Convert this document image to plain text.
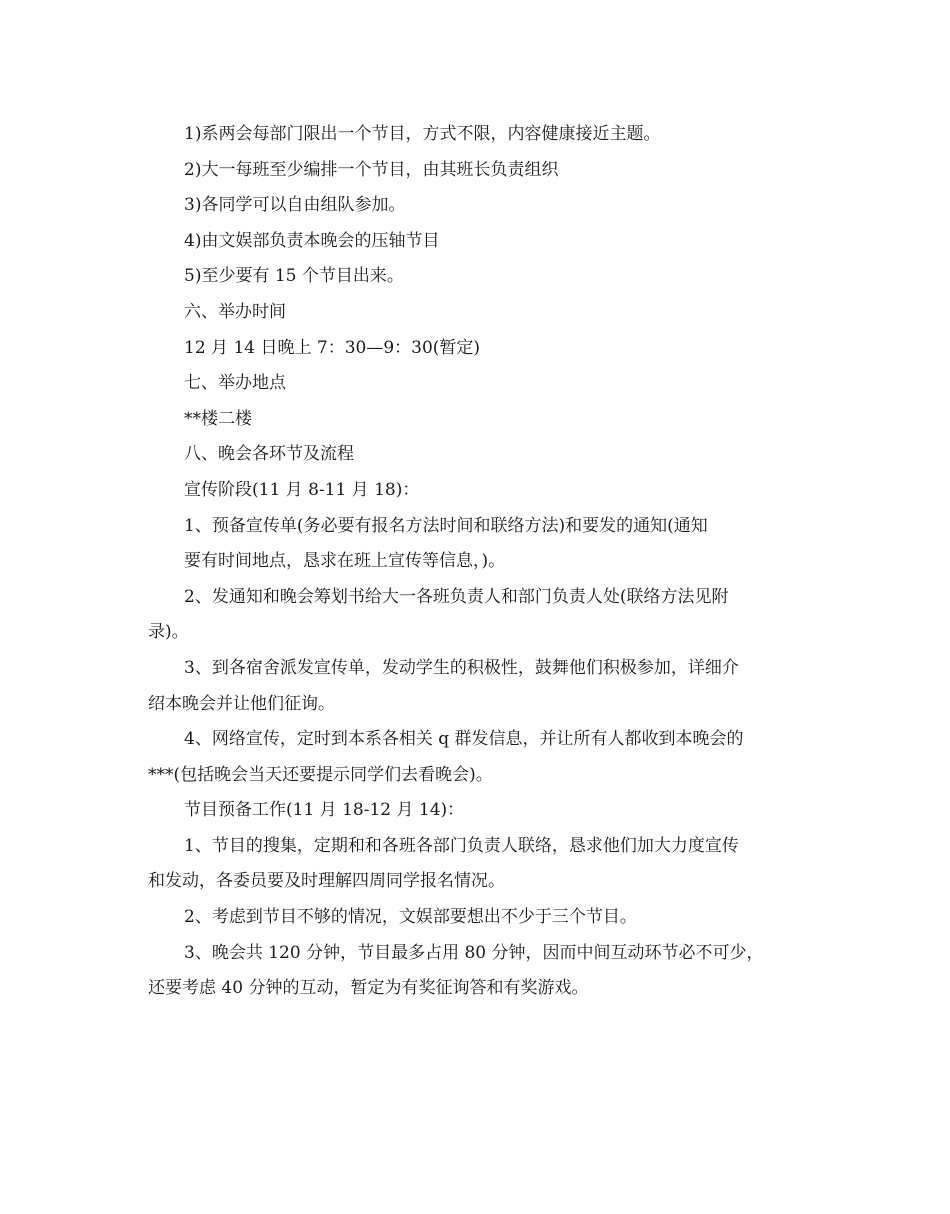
1)系两会每部门限出一个节目，方式不限，内容健康接近主题。
2)大一每班至少编排一个节目，由其班长负责组织
3)各同学可以自由组队参加。
4)由文娱部负责本晚会的压轴节目
5)至少要有 15 个节目出来。
六、举办时间
12 月 14 日晚上 7：30—9：30(暂定)
七、举办地点
**楼二楼
八、晚会各环节及流程
宣传阶段(11 月 8-11 月 18)：
1、预备宣传单(务必要有报名方法时间和联络方法)和要发的通知(通知
要有时间地点，恳求在班上宣传等信息，)。
2、发通知和晚会筹划书给大一各班负责人和部门负责人处(联络方法见附
录)。
3、到各宿舍派发宣传单，发动学生的积极性，鼓舞他们积极参加，详细介
绍本晚会并让他们征询。
4、网络宣传，定时到本系各相关 q 群发信息，并让所有人都收到本晚会的
***(包括晚会当天还要提示同学们去看晚会)。
节目预备工作(11 月 18-12 月 14)：
1、节目的搜集，定期和和各班各部门负责人联络，恳求他们加大力度宣传
和发动，各委员要及时理解四周同学报名情况。
2、考虑到节目不够的情况，文娱部要想出不少于三个节目。
3、晚会共 120 分钟，节目最多占用 80 分钟，因而中间互动环节必不可少，
还要考虑 40 分钟的互动，暂定为有奖征询答和有奖游戏。
